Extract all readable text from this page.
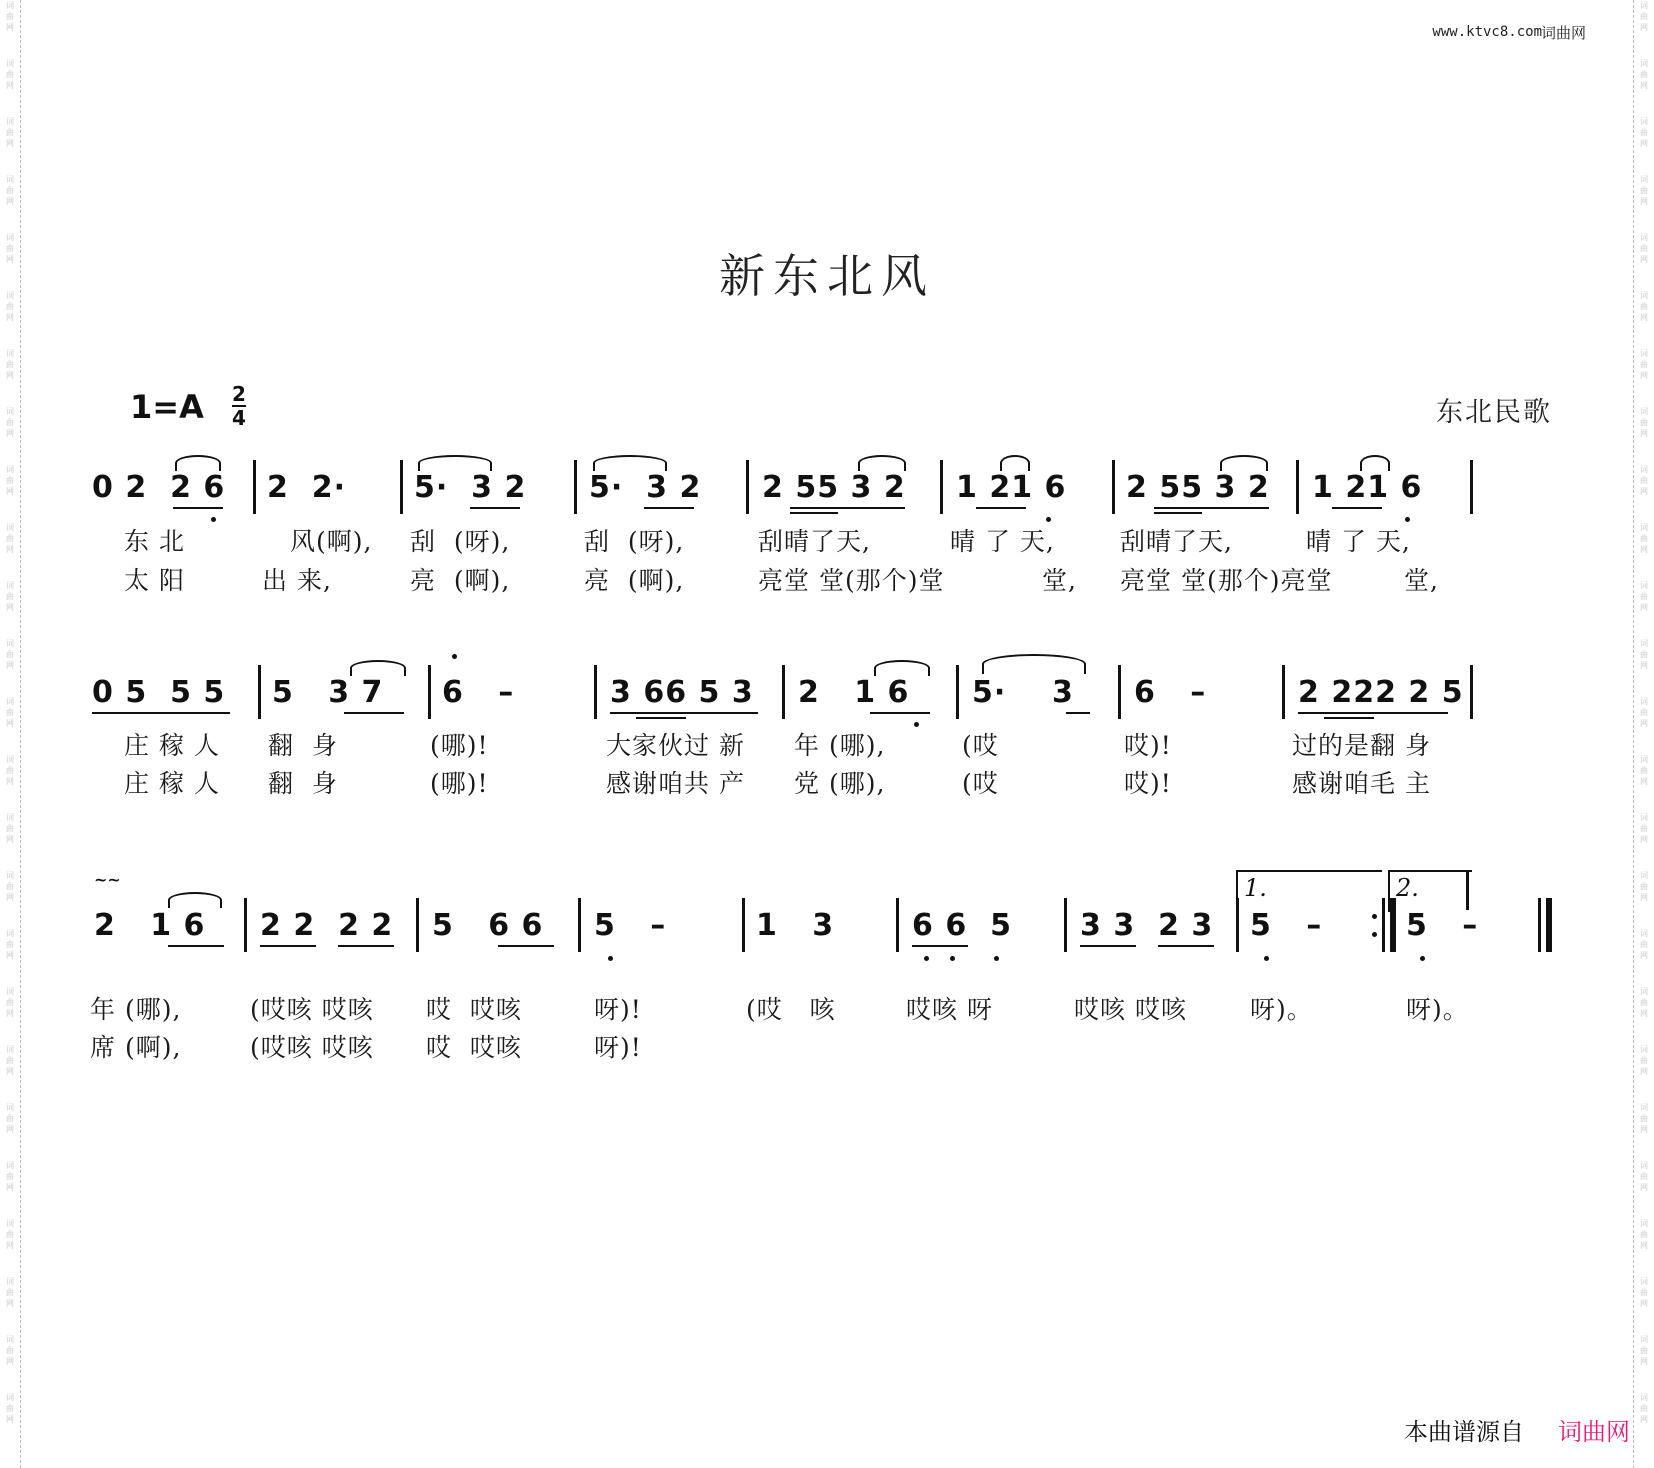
词曲网
词曲网
词曲网
词曲网
词曲网
词曲网
词曲网
词曲网
词曲网
词曲网
词曲网
词曲网
词曲网
词曲网
词曲网
词曲网
词曲网
词曲网
词曲网
词曲网
词曲网
词曲网
词曲网
词曲网
词曲网
词曲网
词曲网
词曲网
词曲网
词曲网
词曲网
词曲网
词曲网
词曲网
词曲网
词曲网
词曲网
词曲网
词曲网
词曲网
词曲网
词曲网
词曲网
词曲网
词曲网
词曲网
词曲网
词曲网
词曲网
词曲网
www.ktvc8.com
词曲网
新东北风
1=A 2
4	东北民歌
0 2  2 6 2  2· 5·  3 2 5·  3 2 2 55 3 2 1 21 6 2 55 3 2 1 21 6
东 北	风(啊), 刮  (呀),	刮  (呀),	刮晴了天,	晴 了 天,	刮晴了天,	晴 了 天,
太 阳	出 来,	亮  (啊),	亮  (啊),	亮堂 堂(那个)堂	堂, 亮堂 堂(那个)亮堂	堂,
0 5  5 5 5   3 7 6   –	3 66 5 3 2   1 6 5·    3 6   –	2 222 2 5
庄 稼 人 翻  身	(哪)!	大家伙过 新 年 (哪),	(哎	哎)!	过的是翻 身
庄 稼 人 翻  身	(哪)!	感谢咱共 产 党 (哪),	(哎	哎)!	感谢咱毛 主
1.	2.
~~
2   1 6 2 2  2 2 5   6 6 5   –	1   3	6 6  5 3 3  2 3 5   –	5   –
年 (哪),	(哎咳 哎咳 哎  哎咳	呀)!	(哎   咳	哎咳 呀	哎咳 哎咳	呀)。	呀)。
席 (啊),	(哎咳 哎咳 哎  哎咳	呀)!
本曲谱源自 词曲网
